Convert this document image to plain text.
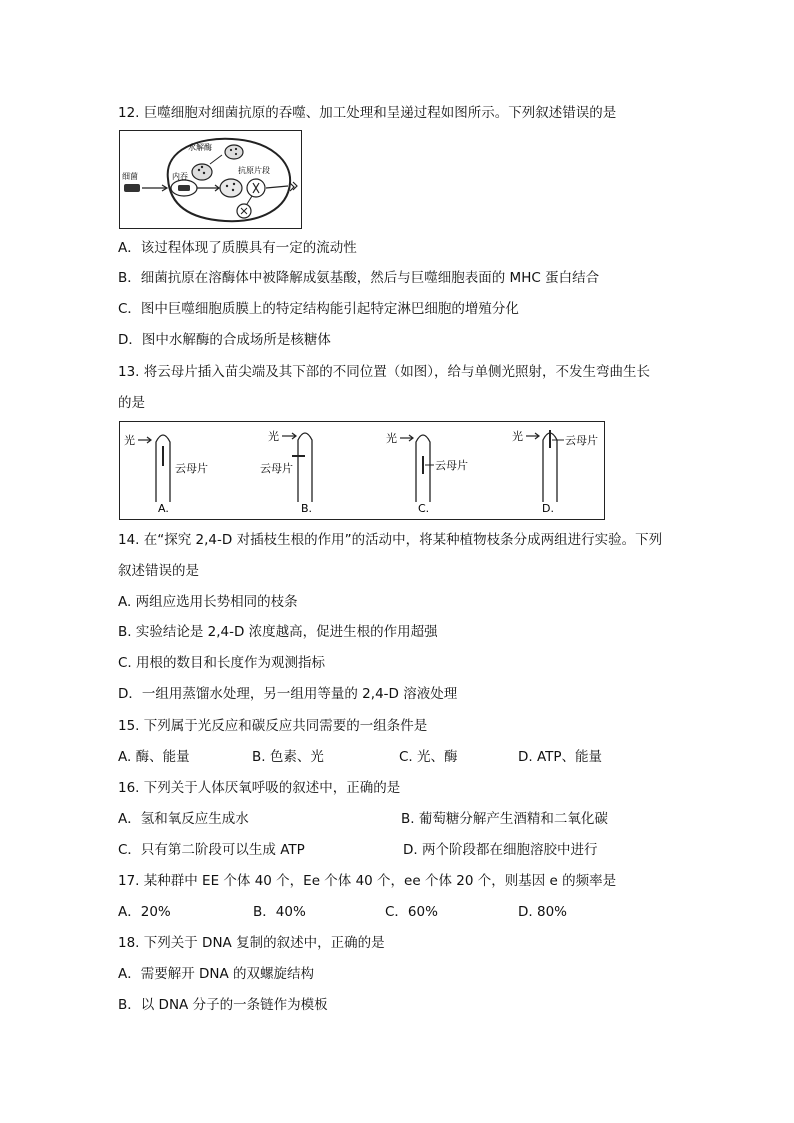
12. 巨噬细胞对细菌抗原的吞噬、加工处理和呈递过程如图所示。下列叙述错误的是
细菌	内吞
水解酶
抗原片段
A．该过程体现了质膜具有一定的流动性
B．细菌抗原在溶酶体中被降解成氨基酸，然后与巨噬细胞表面的 MHC 蛋白结合
C．图中巨噬细胞质膜上的特定结构能引起特定淋巴细胞的增殖分化
D．图中水解酶的合成场所是核糖体
13. 将云母片插入苗尖端及其下部的不同位置（如图），给与单侧光照射，不发生弯曲生长
的是
光
云母片
A.
光
云母片
B.
光
云母片
C.
光	云母片
D.
14. 在“探究 2,4-D 对插枝生根的作用”的活动中，将某种植物枝条分成两组进行实验。下列
叙述错误的是
A. 两组应选用长势相同的枝条
B. 实验结论是 2,4-D 浓度越高，促进生根的作用超强
C. 用根的数目和长度作为观测指标
D．一组用蒸馏水处理，另一组用等量的 2,4-D 溶液处理
15. 下列属于光反应和碳反应共同需要的一组条件是
A. 酶、能量	B. 色素、光	C. 光、酶	D. ATP、能量
16. 下列关于人体厌氧呼吸的叙述中，正确的是
A．氢和氧反应生成水	B. 葡萄糖分解产生酒精和二氧化碳
C．只有第二阶段可以生成 ATP	D. 两个阶段都在细胞溶胶中进行
17. 某种群中 EE 个体 40 个，Ee 个体 40 个，ee 个体 20 个，则基因 e 的频率是
A．20%	B．40%	C．60%	D. 80%
18. 下列关于 DNA 复制的叙述中，正确的是
A．需要解开 DNA 的双螺旋结构
B．以 DNA 分子的一条链作为模板
